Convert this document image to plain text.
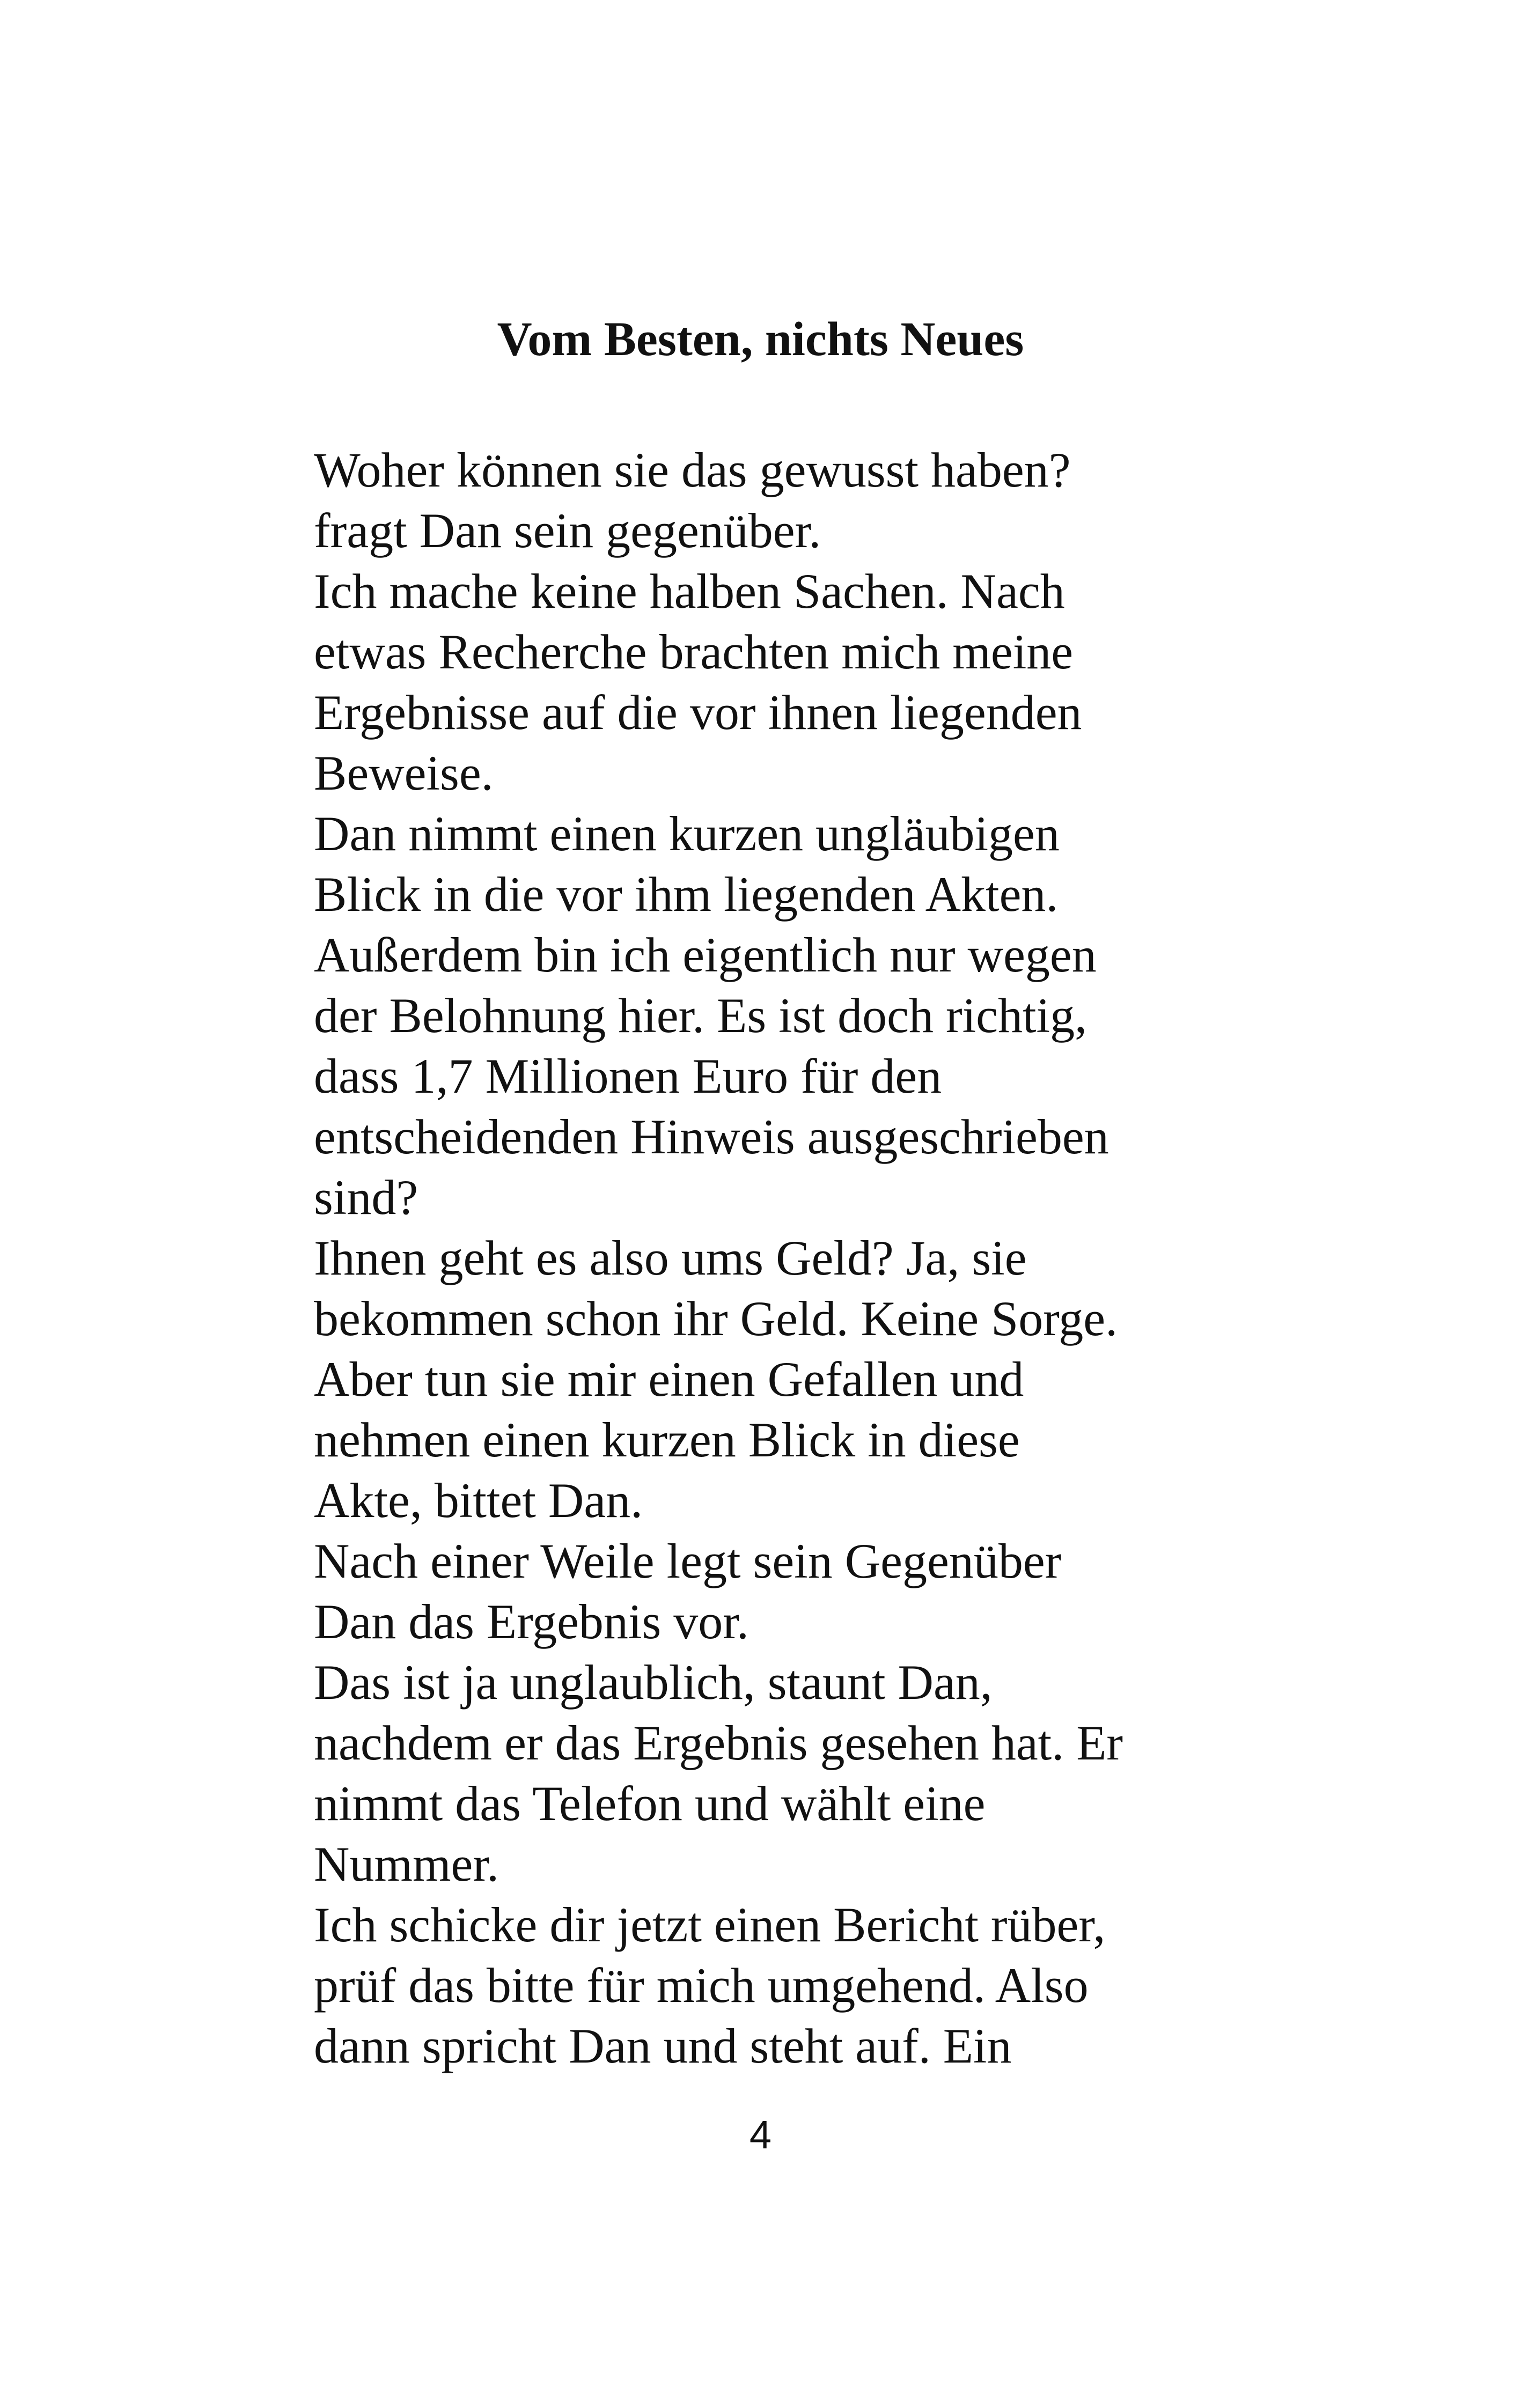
Vom Besten, nichts Neues
Woher können sie das gewusst haben?
fragt Dan sein gegenüber.
Ich mache keine halben Sachen. Nach
etwas Recherche brachten mich meine
Ergebnisse auf die vor ihnen liegenden
Beweise.
Dan nimmt einen kurzen ungläubigen
Blick in die vor ihm liegenden Akten.
Außerdem bin ich eigentlich nur wegen
der Belohnung hier. Es ist doch richtig,
dass 1,7 Millionen Euro für den
entscheidenden Hinweis ausgeschrieben
sind?
Ihnen geht es also ums Geld? Ja, sie
bekommen schon ihr Geld. Keine Sorge.
Aber tun sie mir einen Gefallen und
nehmen einen kurzen Blick in diese
Akte, bittet Dan.
Nach einer Weile legt sein Gegenüber
Dan das Ergebnis vor.
Das ist ja unglaublich, staunt Dan,
nachdem er das Ergebnis gesehen hat. Er
nimmt das Telefon und wählt eine
Nummer.
Ich schicke dir jetzt einen Bericht rüber,
prüf das bitte für mich umgehend. Also
dann spricht Dan und steht auf. Ein
4
